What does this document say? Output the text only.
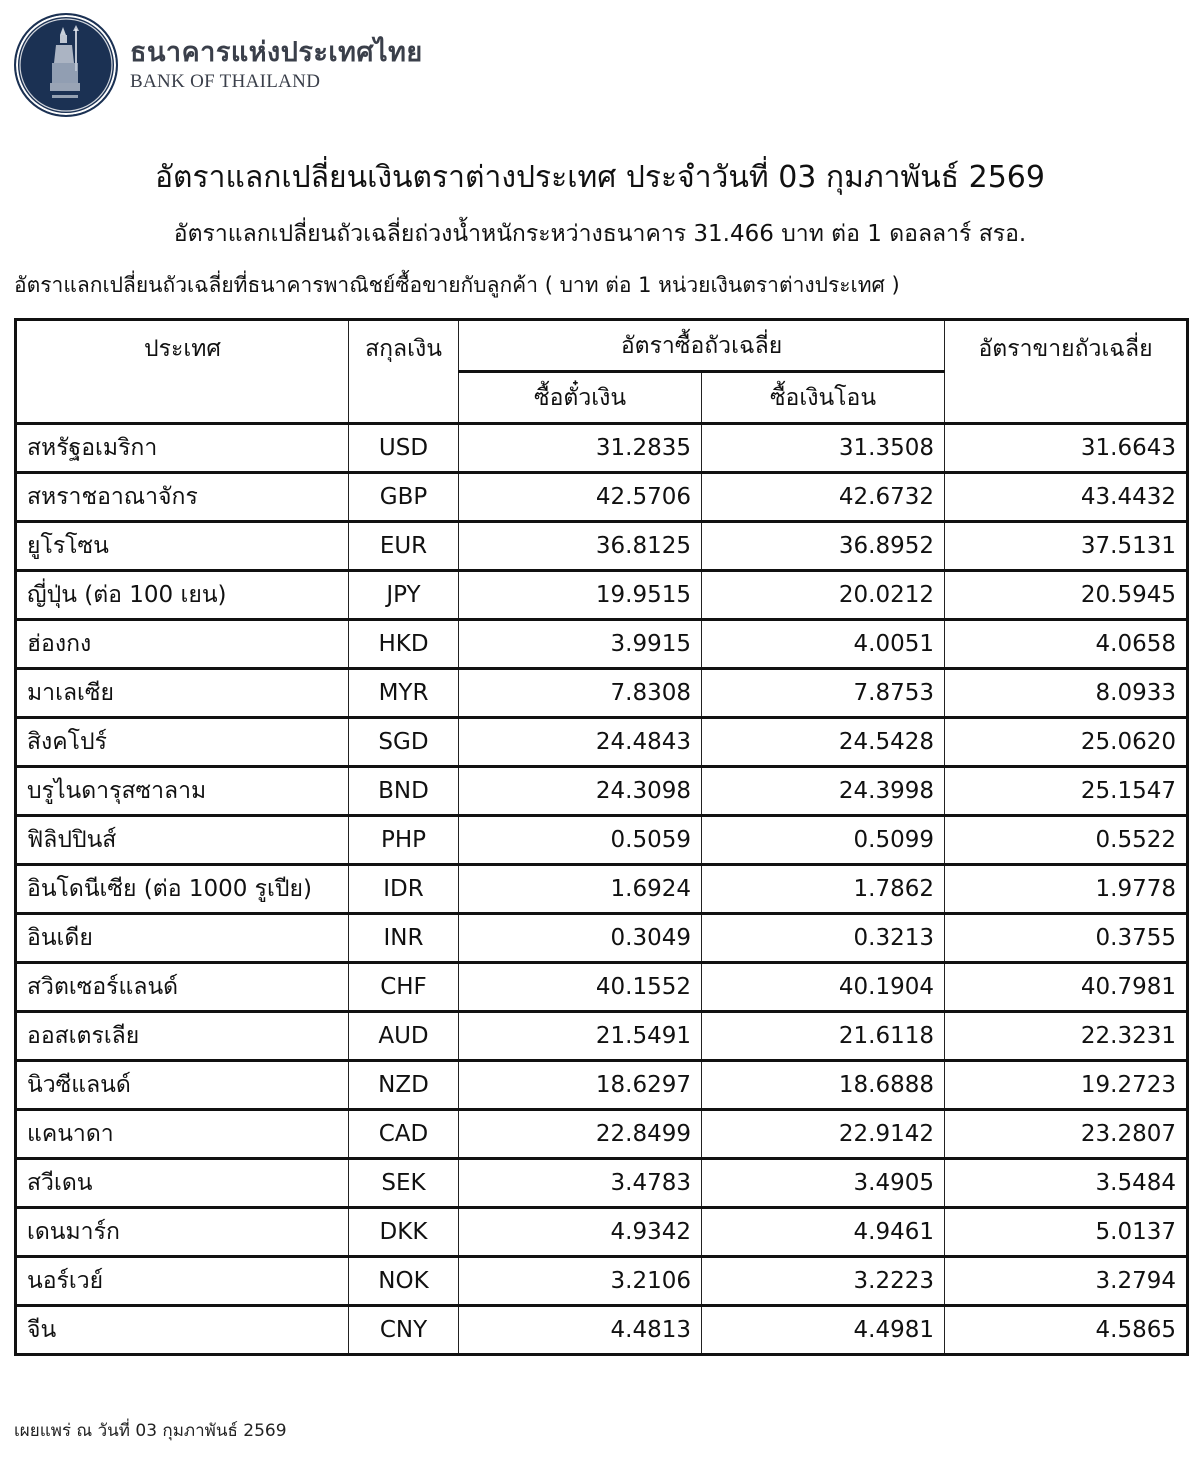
ธนาคารแห่งประเทศไทย
BANK OF THAILAND
อัตราแลกเปลี่ยนเงินตราต่างประเทศ ประจำวันที่ 03 กุมภาพันธ์ 2569
อัตราแลกเปลี่ยนถัวเฉลี่ยถ่วงน้ำหนักระหว่างธนาคาร 31.466 บาท ต่อ 1 ดอลลาร์ สรอ.
อัตราแลกเปลี่ยนถัวเฉลี่ยที่ธนาคารพาณิชย์ซื้อขายกับลูกค้า ( บาท ต่อ 1 หน่วยเงินตราต่างประเทศ )
ประเทศ	สกุลเงิน	อัตราซื้อถัวเฉลี่ย		อัตราขายถัวเฉลี่ย
		ซื้อตั๋วเงิน	ซื้อเงินโอน	
สหรัฐอเมริกา	USD	31.2835	31.3508	31.6643
สหราชอาณาจักร	GBP	42.5706	42.6732	43.4432
ยูโรโซน	EUR	36.8125	36.8952	37.5131
ญี่ปุ่น (ต่อ 100 เยน)	JPY	19.9515	20.0212	20.5945
ฮ่องกง	HKD	3.9915	4.0051	4.0658
มาเลเซีย	MYR	7.8308	7.8753	8.0933
สิงคโปร์	SGD	24.4843	24.5428	25.0620
บรูไนดารุสซาลาม	BND	24.3098	24.3998	25.1547
ฟิลิปปินส์	PHP	0.5059	0.5099	0.5522
อินโดนีเซีย (ต่อ 1000 รูเปีย)	IDR	1.6924	1.7862	1.9778
อินเดีย	INR	0.3049	0.3213	0.3755
สวิตเซอร์แลนด์	CHF	40.1552	40.1904	40.7981
ออสเตรเลีย	AUD	21.5491	21.6118	22.3231
นิวซีแลนด์	NZD	18.6297	18.6888	19.2723
แคนาดา	CAD	22.8499	22.9142	23.2807
สวีเดน	SEK	3.4783	3.4905	3.5484
เดนมาร์ก	DKK	4.9342	4.9461	5.0137
นอร์เวย์	NOK	3.2106	3.2223	3.2794
จีน	CNY	4.4813	4.4981	4.5865
เผยแพร่ ณ วันที่ 03 กุมภาพันธ์ 2569
